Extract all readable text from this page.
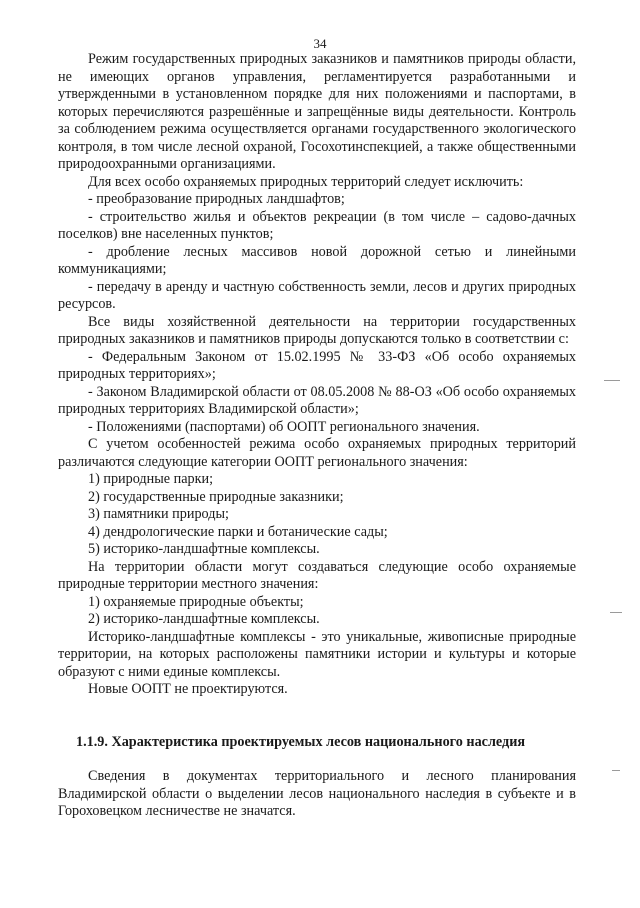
34

Режим государственных природных заказников и памятников природы области, не имеющих органов управления, регламентируется разработанными и утвержденными в установленном порядке для них положениями и паспортами, в которых перечисляются разрешённые и запрещённые виды деятельности. Контроль за соблюдением режима осуществляется органами государственного экологического контроля, в том числе лесной охраной, Госохотинспекцией, а также общественными природоохранными организациями.

Для всех особо охраняемых природных территорий следует исключить:

- преобразование природных ландшафтов;

- строительство жилья и объектов рекреации (в том числе – садово-дачных поселков) вне населенных пунктов;

- дробление лесных массивов новой дорожной сетью и линейными коммуникациями;

- передачу в аренду и частную собственность земли, лесов и других природных ресурсов.

Все виды хозяйственной деятельности на территории государственных природных заказников и памятников природы допускаются только в соответствии с:

- Федеральным Законом от 15.02.1995 № 33-ФЗ «Об особо охраняемых природных территориях»;

- Законом Владимирской области от 08.05.2008 № 88-ОЗ «Об особо охраняемых природных территориях Владимирской области»;

- Положениями (паспортами) об ООПТ регионального значения.

С учетом особенностей режима особо охраняемых природных территорий различаются следующие категории ООПТ регионального значения:

1) природные парки;

2) государственные природные заказники;

3) памятники природы;

4) дендрологические парки и ботанические сады;

5) историко-ландшафтные комплексы.

На территории области могут создаваться следующие особо охраняемые природные территории местного значения:

1) охраняемые природные объекты;

2) историко-ландшафтные комплексы.

Историко-ландшафтные комплексы - это уникальные, живописные природные территории, на которых расположены памятники истории и культуры и которые образуют с ними единые комплексы.

Новые ООПТ не проектируются.

1.1.9. Характеристика проектируемых лесов национального наследия

Сведения в документах территориального и лесного планирования Владимирской области о выделении лесов национального наследия в субъекте и в Гороховецком лесничестве не значатся.
